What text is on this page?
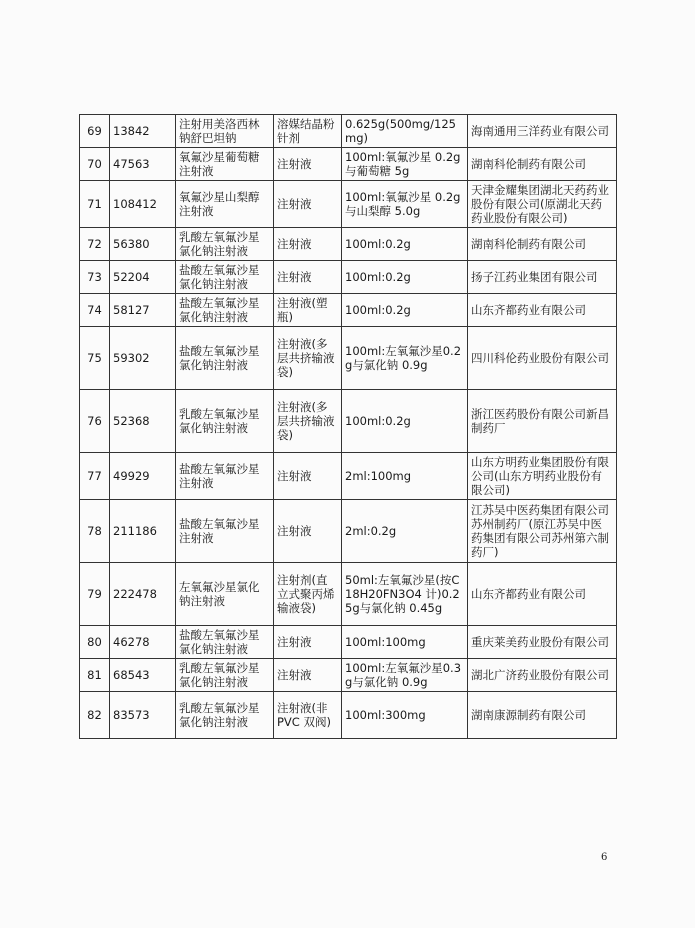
69	13842	注射用美洛西林钠舒巴坦钠	溶媒结晶粉针剂	0.625g(500mg/125mg)	海南通用三洋药业有限公司
70	47563	氧氟沙星葡萄糖注射液	注射液	100ml:氧氟沙星 0.2g与葡萄糖 5g	湖南科伦制药有限公司
71	108412	氧氟沙星山梨醇注射液	注射液	100ml:氧氟沙星 0.2g与山梨醇 5.0g	天津金耀集团湖北天药药业股份有限公司(原湖北天药药业股份有限公司)
72	56380	乳酸左氧氟沙星氯化钠注射液	注射液	100ml:0.2g	湖南科伦制药有限公司
73	52204	盐酸左氧氟沙星氯化钠注射液	注射液	100ml:0.2g	扬子江药业集团有限公司
74	58127	盐酸左氧氟沙星氯化钠注射液	注射液(塑瓶)	100ml:0.2g	山东齐都药业有限公司
75	59302	盐酸左氧氟沙星氯化钠注射液	注射液(多层共挤输液袋)	100ml:左氧氟沙星0.2g与氯化钠 0.9g	四川科伦药业股份有限公司
76	52368	乳酸左氧氟沙星氯化钠注射液	注射液(多层共挤输液袋)	100ml:0.2g	浙江医药股份有限公司新昌制药厂
77	49929	盐酸左氧氟沙星注射液	注射液	2ml:100mg	山东方明药业集团股份有限公司(山东方明药业股份有限公司)
78	211186	盐酸左氧氟沙星注射液	注射液	2ml:0.2g	江苏吴中医药集团有限公司苏州制药厂(原江苏吴中医药集团有限公司苏州第六制药厂)
79	222478	左氧氟沙星氯化钠注射液	注射剂(直立式聚丙烯输液袋)	50ml:左氧氟沙星(按C18H20FN3O4 计)0.25g与氯化钠 0.45g	山东齐都药业有限公司
80	46278	盐酸左氧氟沙星氯化钠注射液	注射液	100ml:100mg	重庆莱美药业股份有限公司
81	68543	乳酸左氧氟沙星氯化钠注射液	注射液	100ml:左氧氟沙星0.3g与氯化钠 0.9g	湖北广济药业股份有限公司
82	83573	乳酸左氧氟沙星氯化钠注射液	注射液(非 PVC 双阀)	100ml:300mg	湖南康源制药有限公司
6
